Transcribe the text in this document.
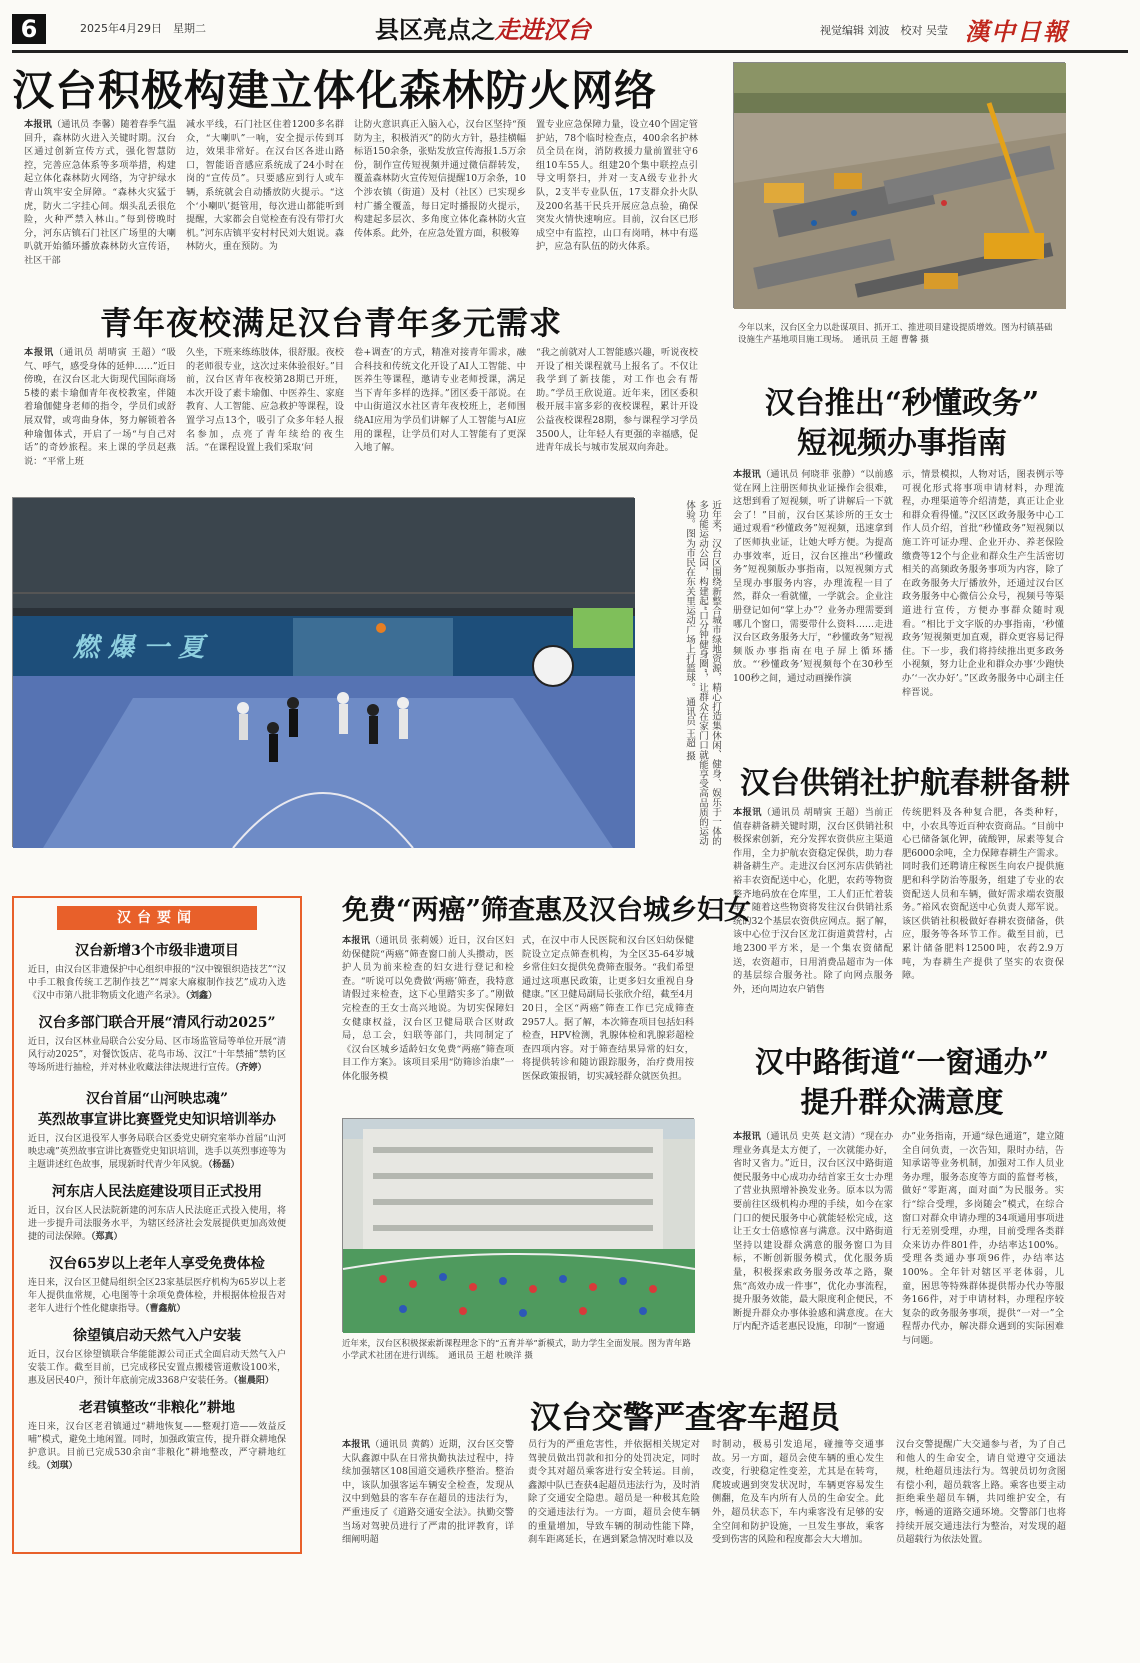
6	2025年4月29日　星期二	县区亮点之走进汉台	视觉编辑 刘波　校对 吴莹 漢中日報
汉台积极构建立体化森林防火网络
本报讯（通讯员 李馨）随着春季气温回升，森林防火进入关键时期。汉台区通过创新宣传方式，强化智慧防控，完善应急体系等多项举措，构建起立体化森林防火网络，为守护绿水青山筑牢安全屏障。“森林火灾猛于虎，防火二字挂心间。烟头乱丢很危险，火种严禁入林山。”每到傍晚时分，河东店镇石门社区广场里的大喇叭就开始循环播放森林防火宣传语，社区干部
减水平线，石门社区住着1200多名群众，“大喇叭”一响，安全提示传到耳边，效果非常好。在汉台区各进山路口，智能语音感应系统成了24小时在岗的“宣传员”。只要感应到行人或车辆，系统就会自动播放防火提示。“这个‘小喇叭’挺管用，每次进山都能听到提醒，大家都会自觉检查有没有带打火机。”河东店镇平安村村民刘大姐说。森林防火，重在预防。为
让防火意识真正入脑入心，汉台区坚持“预防为主，积极消灭”的防火方针，悬挂横幅标语150余条，张贴发放宣传海报1.5万余份，制作宣传短视频并通过微信群转发，覆盖森林防火宣传短信提醒10万余条，10个涉农镇（街道）及村（社区）已实现乡村广播全覆盖，每日定时播报防火提示，构建起多层次、多角度立体化森林防火宣传体系。此外，在应急处置方面，积极筹
置专业应急保障力量，设立40个固定管护站，78个临时检查点，400余名护林员全员在岗，消防救援力量前置驻守6组10车55人。组建20个集中联控点引导文明祭扫，并对一支A级专业扑火队，2支半专业队伍，17支群众扑火队及200名基干民兵开展应急点验，确保突发火情快速响应。目前，汉台区已形成空中有监控，山口有岗哨，林中有巡护，应急有队伍的防火体系。
今年以来，汉台区全力以赴谋项目、抓开工、推进项目建设提质增效。图为村镇基础设施生产基地项目施工现场。　 通讯员 王超 曹馨 摄
青年夜校满足汉台青年多元需求
本报讯（通讯员 胡晴寅 王超）“吸气、呼气，感受身体的延伸……”近日傍晚，在汉台区北大街现代国际商场5楼的素卡瑜伽青年夜校教室，伴随着瑜伽健身老师的指令，学员们或舒展双臂，或弯曲身体，努力解锁着各种瑜伽体式，开启了一场“与自己对话”的奇妙旅程。来上课的学员赵燕说：“平常上班
久坐，下班来练练肢体，很舒服。夜校的老师很专业，这次过来体验很好。”目前，汉台区青年夜校第28期已开班，本次开设了素卡瑜伽、中医养生、家庭教育、人工智能、应急救护等课程，设置学习点13个，吸引了众多年轻人报名参加，点亮了青年续给的夜生活。“在课程设置上我们采取‘问
卷+调查’的方式，精准对接青年需求，融合科技和传统文化开设了AI人工智能、中医养生等课程，邀请专业老师授课，满足当下青年多样的选择。”团区委干部说。在中山街道汉水社区青年夜校班上，老师围绕AI应用为学员们讲解了人工智能与AI应用的课程，让学员们对人工智能有了更深入地了解。
“我之前就对人工智能感兴趣，听说夜校开设了相关课程就马上报名了。不仅让我学到了新技能，对工作也会有帮助。”学员王欣说道。近年来，团区委积极开展丰富多彩的夜校课程，累计开设公益夜校课程28期，参与课程学习学员3500人，让年轻人有更强的幸福感，促进青年成长与城市发展双向奔赴。
汉台推出“秒懂政务”
短视频办事指南
本报讯（通讯员 何晓菲 张静）“以前感觉在网上注册医师执业证操作会很难，这想到看了短视频，听了讲解后一下就会了！”目前，汉台区某诊所的王女士通过观看“秒懂政务”短视频，迅速拿到了医师执业证，让她大呼方便。为提高办事效率，近日，汉台区推出“秒懂政务”短视频版办事指南，以短视频方式呈现办事服务内容，办理流程一目了然，群众一看就懂，一学就会。企业注册登记如何“掌上办”？业务办理需要到哪几个窗口，需要带什么资料……走进汉台区政务服务大厅，“秒懂政务”短视频版办事指南在电子屏上循环播放。“‘秒懂政务’短视频每个在30秒至100秒之间，通过动画操作演
示，情景模拟，人物对话，图表例示等可视化形式将事项申请材料，办理流程，办理渠道等介绍清楚，真正让企业和群众看得懂。”汉区区政务服务中心工作人员介绍，首批“秒懂政务”短视频以施工许可证办理、企业开办、养老保险缴费等12个与企业和群众生产生活密切相关的高频政务服务事项为内容，除了在政务服务大厅播放外，还通过汉台区政务服务中心微信公众号，视频号等渠道进行宣传，方便办事群众随时观看。“相比于文字版的办事指南，‘秒懂政务’短视频更加直观，群众更容易记得住。下一步，我们将持续推出更多政务小视频，努力让企业和群众办事‘少跑快办’‘一次办好’。”区政务服务中心副主任梓晋说。
燃 爆 一 夏	近年来，汉台区围绕新整合城市绿地资源，精心打造集休闲、健身、娱乐于一体的多功能运动公园，构建起“口分钟健身圈”，让群众在家门口就能享受高品质的运动体验。图为市民在东关里运动广场上打篮球。　通讯员 王超 摄
汉台供销社护航春耕备耕
本报讯（通讯员 胡晴寅 王超）当前正值春耕备耕关键时期，汉台区供销社积极探索创新，充分发挥农资供应主渠道作用，全力护航农资稳定保供，助力春耕备耕生产。走进汉台区河东店供销社裕丰农资配送中心，化肥，农药等物资整齐地码放在仓库里，工人们正忙着装车。随着这些物资将发往汉台供销社系统的32个基层农资供应网点。据了解，该中心位于汉台区龙江街道黄营村，占地2300平方米，是一个集农资储配送，农资超市，日用消费品超市为一体的基层综合服务社。除了向网点服务外，还向周边农户销售
传统肥料及各种复合肥，各类种籽，中，小农具等近百种农资商品。“目前中心已储备氯化钾，硫酸钾，尿素等复合肥6000余吨，全力保障春耕生产需求。同时我们还聘请庄稼医生向农户提供施肥和科学防治等服务，组建了专业的农资配送人员和车辆，做好需求端农资服务。”裕风农资配送中心负责人郑军说。该区供销社积极做好春耕农资储备，供应，服务等各环节工作。截至目前，已累计储备肥料12500吨，农药2.9万吨，为春耕生产提供了坚实的农资保障。
汉台要闻
汉台新增3个市级非遗项目
近日，由汉台区非遗保护中心组织申报的“汉中镍银织造技艺”“汉中手工粮食传统工艺制作技艺”“周家大麻椒制作技艺”成功入选《汉中市第八批非物质文化遗产名录》。（刘鑫）
汉台多部门联合开展“清风行动2025”
近日，汉台区林业局联合公安分局、区市场监管局等单位开展“清风行动2025”，对餐饮饭店、花鸟市场、汉江“十年禁捕”禁钓区等场所进行抽检，并对林业收藏法律法规进行宣传。（齐婷）
汉台首届“山河映忠魂”
英烈故事宣讲比赛暨党史知识培训举办
近日，汉台区退役军人事务局联合区委党史研究室举办首届“山河映忠魂”英烈故事宣讲比赛暨党史知识培训，选手以英烈事迹等为主题讲述红色故事，展现新时代青少年风貌。（杨磊）
河东店人民法庭建设项目正式投用
近日，汉台区人民法院新建的河东店人民法庭正式投入使用，将进一步提升司法服务水平，为辖区经济社会发展提供更加高效便捷的司法保障。（郑真）
汉台65岁以上老年人享受免费体检
连日来，汉台区卫健局组织全区23家基层医疗机构为65岁以上老年人提供血常规，心电图等十余项免费体检，并根据体检报告对老年人进行个性化健康指导。（曹鑫航）
徐望镇启动天然气入户安装
近日，汉台区徐望镇联合华能能源公司正式全面启动天然气入户安装工作。截至目前，已完成移民安置点搬楼管道敷设100米，惠及居民40户，预计年底前完成3368户安装任务。（崔晨阳）
老君镇整改“非粮化”耕地
连日来，汉台区老君镇通过“耕地恢复——整观打造——效益反哺”模式，避免土地闲置。同时，加强政策宣传，提升群众耕地保护意识。目前已完成530余亩“非粮化”耕地整改，严守耕地红线。（刘琪）
免费“两癌”筛查惠及汉台城乡妇女
本报讯（通讯员 张莉媛）近日，汉台区妇幼保健院“两癌”筛查窗口前人头攒动，医护人员为前来检查的妇女进行登记和检查。“听说可以免费做‘两癌’筛查，我特意请假过来检查，这下心里踏实多了。”刚做完检查的王女士高兴地说。为切实保障妇女健康权益，汉台区卫健局联合区财政局，总工会，妇联等部门，共同制定了《汉台区城乡适龄妇女免费“两癌”筛查项目工作方案》。该项目采用“防筛诊治康”一体化服务模
式，在汉中市人民医院和汉台区妇幼保健院设立定点筛查机构，为全区35-64岁城乡常住妇女提供免费筛查服务。“我们希望通过这项惠民政策，让更多妇女重视自身健康。”区卫健局副局长张欣介绍，截至4月20日，全区“两癌”筛查工作已完成筛查2957人。据了解，本次筛查项目包括妇科检查，HPV检测，乳腺体检和乳腺彩超检查四项内容。对于筛查结果异常的妇女，将提供转诊和随访跟踪服务，治疗费用按医保政策报销，切实减轻群众就医负担。	汉中路街道“一窗通办”
提升群众满意度
本报讯（通讯员 史英 赵文清）“现在办理业务真是太方便了，一次就能办好，省时又省力。”近日，汉台区汉中路街道便民服务中心成功办结首家王女士办理了营业执照增补换发业务。原本以为需要前往区级机构办理的手续，如今在家门口的便民服务中心就能轻松完成，这让王女士倍感惊喜与满意。汉中路街道坚持以建设群众满意的服务窗口为目标，不断创新服务模式，优化服务质量，积极探索政务服务改革之路，聚焦“高效办成一件事”，优化办事流程，提升服务效能，最大限度利企便民，不断提升群众办事体验感和满意度。在大厅内配齐适老惠民设施，印制“一窗通
办”业务指南，开通“绿色通道”，建立随全自问负责，一次告知，限时办结，告知承诺等业务机制，加强对工作人员业务办理，服务态度等方面的监督考核，做好“零距离，面对面”为民服务。实行“综合受理，多岗随会”模式，在综合窗口对群众申请办理的34项通用事项进行无差别受理，办理，目前受理各类群众来访办件801件，办结率达100%。受理各类通办事项96件，办结率达100%。全年针对辖区平老体弱，儿童，困思等特殊群体提供帮办代办等服务166件，对于申请材料，办理程序较复杂的政务服务事项，提供“一对一”全程帮办代办，解决群众遇到的实际困难与问题。
近年来，汉台区积极探索新课程理念下的“五育并举”新模式，助力学生全面发展。图为青年路小学武术社团在进行训练。　 通讯员 王超 杜映洋 摄
汉台交警严查客车超员
本报讯（通讯员 黄鹤）近期，汉台区交警大队鑫源中队在日常执勤执法过程中，持续加强辖区108国道交通秩序整治。整治中，该队加强客运车辆安全检查，发现从汉中到勉县的客车存在超员的违法行为，严重违反了《道路交通安全法》。执勤交警当场对驾驶员进行了严肃的批评教育，详细阐明超
员行为的严重危害性，并依据相关规定对驾驶员做出罚款和扣分的处罚决定，同时责令其对超员乘客进行安全转运。目前，鑫源中队已查获4起超员违法行为，及时消除了交通安全隐患。超员是一种极其危险的交通违法行为。一方面，超员会使车辆的重量增加，导致车辆的制动性能下降，刹车距离延长，在遇到紧急情况时难以及
时制动，极易引发追尾，碰撞等交通事故。另一方面，超员会使车辆的重心发生改变，行驶稳定性变差，尤其是在转弯，爬坡或遇到突发状况时，车辆更容易发生侧翻，危及车内所有人员的生命安全。此外，超员状态下，车内乘客没有足够的安全空间和防护设施，一旦发生事故，乘客受到伤害的风险和程度都会大大增加。
汉台交警提醒广大交通参与者，为了自己和他人的生命安全，请自觉遵守交通法规，杜绝超员违法行为。驾驶员切勿贪图有偿小利，超员载客上路。乘客也要主动拒绝乘坐超员车辆，共同维护安全，有序，畅通的道路交通环境。交警部门也将持续开展交通违法行为整治，对发现的超员超载行为依法处置。
